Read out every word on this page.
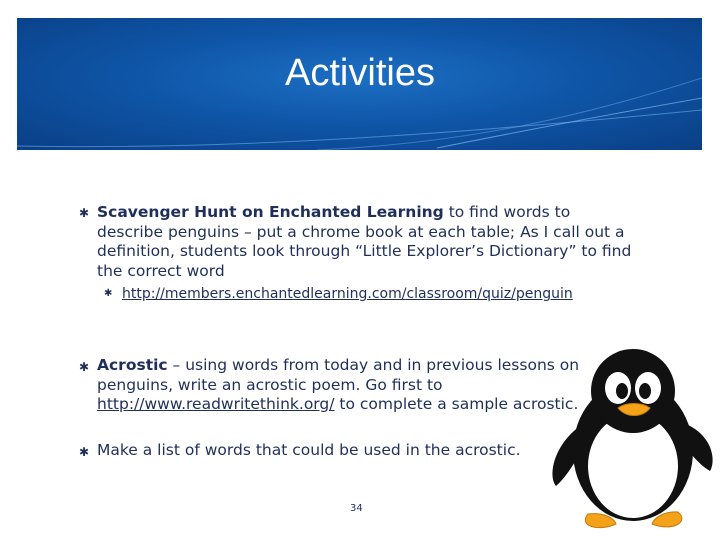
Activities
✱ Scavenger Hunt on Enchanted Learning to find words to describe penguins – put a chrome book at each table; As I call out a definition, students look through “Little Explorer’s Dictionary” to find the correct word
✱ http://members.enchantedlearning.com/classroom/quiz/penguin
✱ Acrostic – using words from today and in previous lessons on penguins, write an acrostic poem. Go first to http://www.readwritethink.org/ to complete a sample acrostic.
✱ Make a list of words that could be used in the acrostic.
34
